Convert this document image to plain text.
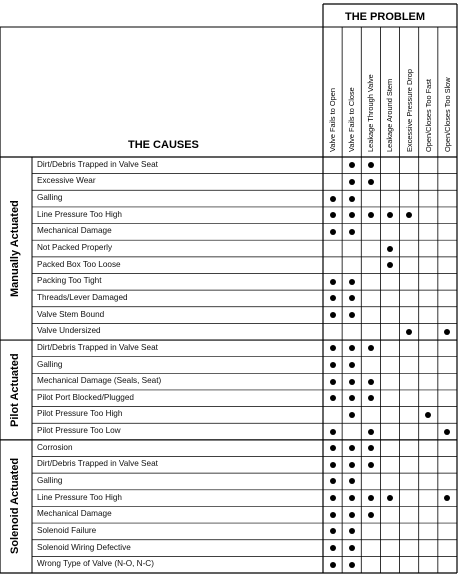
THE PROBLEM
THE CAUSES	Valve Fails to Open Valve Fails to Close Leakage Through Valve Leakage Around Stem Excessive Pressure Drop Open/Closes Too Fast Open/Closes Too Slow
Dirt/Debris Trapped in Valve Seat
Excessive Wear
Galling
Line Pressure Too High
Mechanical Damage
Not Packed Properly
Packed Box Too Loose
Packing Too Tight
Threads/Lever Damaged
Valve Stem Bound
Valve Undersized
Manually Actuated
Dirt/Debris Trapped in Valve Seat
Galling
Mechanical Damage (Seals, Seat)
Pilot Port Blocked/Plugged
Pilot Pressure Too High
Pilot Pressure Too Low
Pilot Actuated
Corrosion
Dirt/Debris Trapped in Valve Seat
Galling
Line Pressure Too High
Mechanical Damage
Solenoid Failure
Solenoid Wiring Defective
Wrong Type of Valve (N-O, N-C)
Solenoid Actuated
